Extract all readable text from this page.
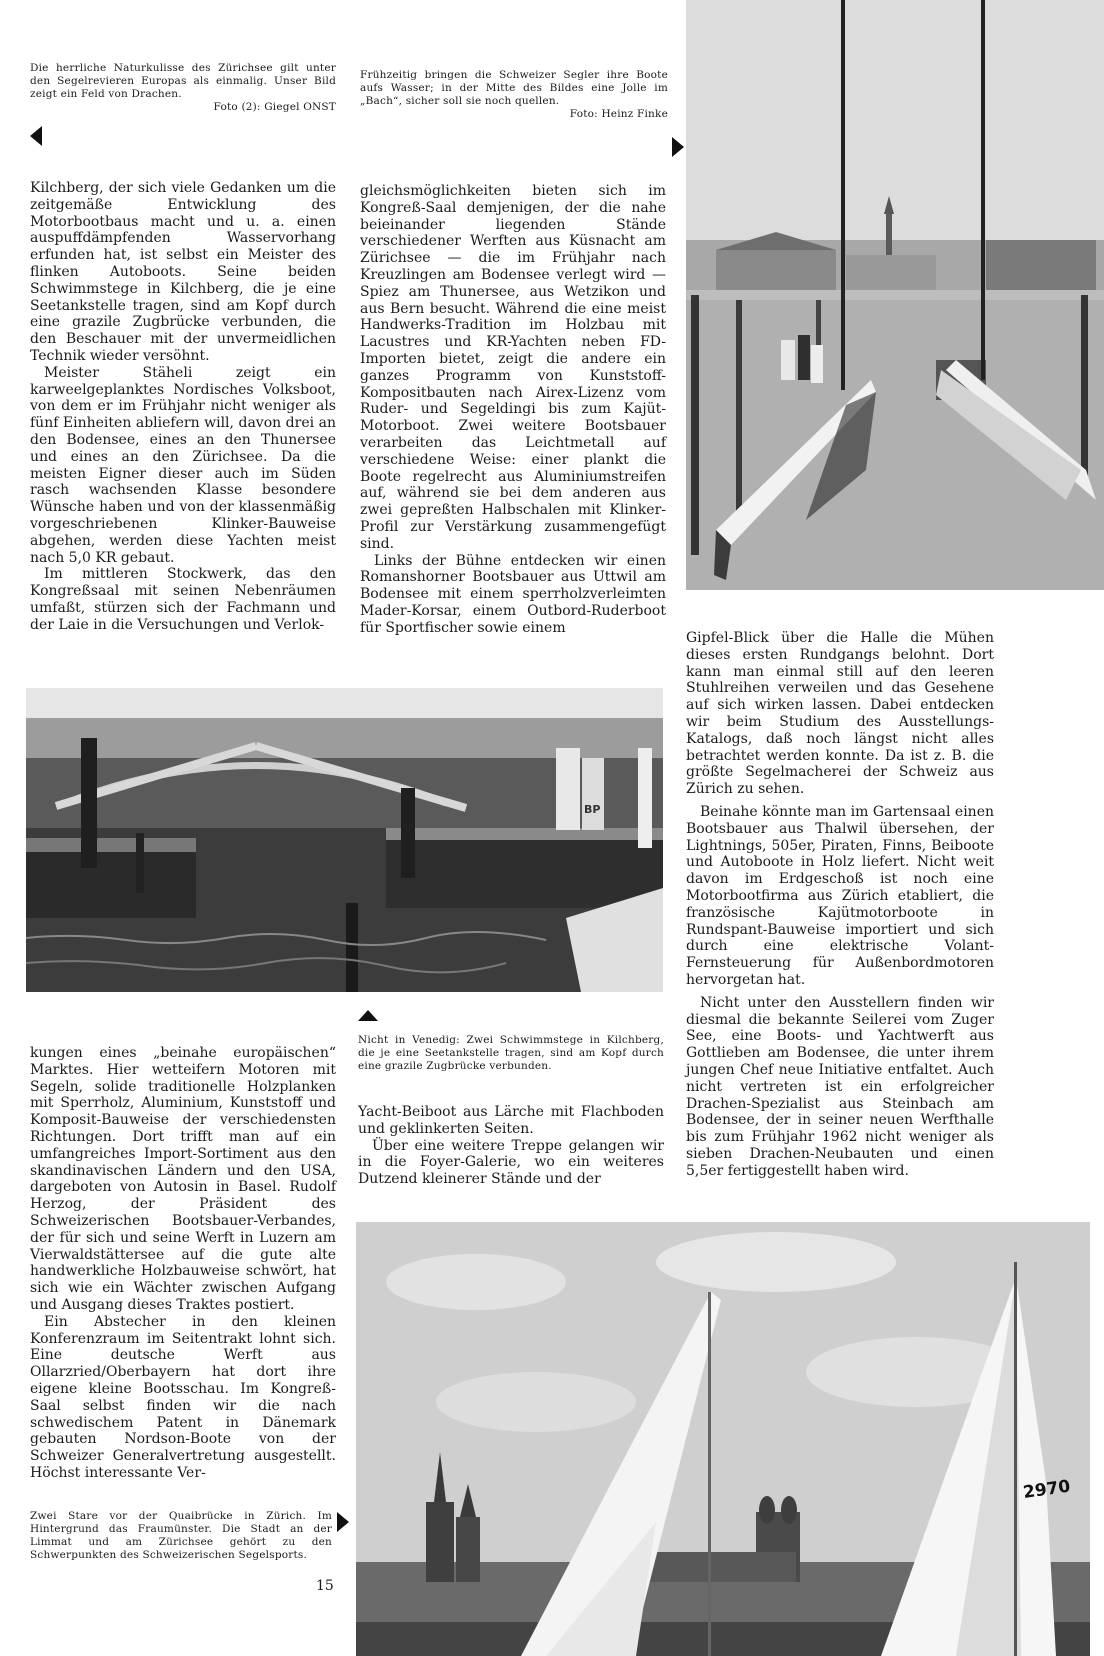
Die herrliche Naturkulisse des Zürichsee gilt unter den Segelrevieren Europas als einmalig. Unser Bild zeigt ein Feld von Drachen.
Foto (2): Giegel ONST
Frühzeitig bringen die Schweizer Segler ihre Boote aufs Wasser; in der Mitte des Bildes eine Jolle im „Bach“, sicher soll sie noch quellen.
Foto: Heinz Finke

Kilchberg, der sich viele Gedanken um die zeitgemäße Entwicklung des Motorbootbaus macht und u. a. einen auspuffdämpfenden Wasservorhang erfunden hat, ist selbst ein Meister des flinken Autoboots. Seine beiden Schwimmstege in Kilchberg, die je eine Seetankstelle tragen, sind am Kopf durch eine grazile Zugbrücke verbunden, die den Beschauer mit der unvermeidlichen Technik wieder versöhnt.

Meister Stäheli zeigt ein karweelgeplanktes Nordisches Volksboot, von dem er im Frühjahr nicht weniger als fünf Einheiten abliefern will, davon drei an den Bodensee, eines an den Thunersee und eines an den Zürichsee. Da die meisten Eigner dieser auch im Süden rasch wachsenden Klasse besondere Wünsche haben und von der klassenmäßig vorgeschriebenen Klinker-Bauweise abgehen, werden diese Yachten meist nach 5,0 KR gebaut.

Im mittleren Stockwerk, das den Kongreßsaal mit seinen Nebenräumen umfaßt, stürzen sich der Fachmann und der Laie in die Versuchungen und Verlok-

gleichsmöglichkeiten bieten sich im Kongreß-Saal demjenigen, der die nahe beieinander liegenden Stände verschiedener Werften aus Küsnacht am Zürichsee — die im Frühjahr nach Kreuzlingen am Bodensee verlegt wird — Spiez am Thunersee, aus Wetzikon und aus Bern besucht. Während die eine meist Handwerks-Tradition im Holzbau mit Lacustres und KR-Yachten neben FD-Importen bietet, zeigt die andere ein ganzes Programm von Kunststoff-Kompositbauten nach Airex-Lizenz vom Ruder- und Segeldingi bis zum Kajüt-Motorboot. Zwei weitere Bootsbauer verarbeiten das Leichtmetall auf verschiedene Weise: einer plankt die Boote regelrecht aus Aluminiumstreifen auf, während sie bei dem anderen aus zwei gepreßten Halbschalen mit Klinker-Profil zur Verstärkung zusammengefügt sind.

Links der Bühne entdecken wir einen Romanshorner Bootsbauer aus Uttwil am Bodensee mit einem sperrholzverleimten Mader-Korsar, einem Outbord-Ruderboot für Sportfischer sowie einem

Gipfel-Blick über die Halle die Mühen dieses ersten Rundgangs belohnt. Dort kann man einmal still auf den leeren Stuhlreihen verweilen und das Gesehene auf sich wirken lassen. Dabei entdecken wir beim Studium des Ausstellungs-Katalogs, daß noch längst nicht alles betrachtet werden konnte. Da ist z. B. die größte Segelmacherei der Schweiz aus Zürich zu sehen.

Beinahe könnte man im Gartensaal einen Bootsbauer aus Thalwil übersehen, der Lightnings, 505er, Piraten, Finns, Beiboote und Autoboote in Holz liefert. Nicht weit davon im Erdgeschoß ist noch eine Motorbootfirma aus Zürich etabliert, die französische Kajütmotorboote in Rundspant-Bauweise importiert und sich durch eine elektrische Volant-Fernsteuerung für Außenbordmotoren hervorgetan hat.

Nicht unter den Ausstellern finden wir diesmal die bekannte Seilerei vom Zuger See, eine Boots- und Yachtwerft aus Gottlieben am Bodensee, die unter ihrem jungen Chef neue Initiative entfaltet. Auch nicht vertreten ist ein erfolgreicher Drachen-Spezialist aus Steinbach am Bodensee, der in seiner neuen Werfthalle bis zum Frühjahr 1962 nicht weniger als sieben Drachen-Neubauten und einen 5,5er fertiggestellt haben wird.

BP
Nicht in Venedig: Zwei Schwimmstege in Kilchberg, die je eine Seetankstelle tragen, sind am Kopf durch eine grazile Zugbrücke verbunden.

kungen eines „beinahe europäischen“ Marktes. Hier wetteifern Motoren mit Segeln, solide traditionelle Holzplanken mit Sperrholz, Aluminium, Kunststoff und Komposit-Bauweise der verschiedensten Richtungen. Dort trifft man auf ein umfangreiches Import-Sortiment aus den skandinavischen Ländern und den USA, dargeboten von Autosin in Basel. Rudolf Herzog, der Präsident des Schweizerischen Bootsbauer-Verbandes, der für sich und seine Werft in Luzern am Vierwaldstättersee auf die gute alte handwerkliche Holzbauweise schwört, hat sich wie ein Wächter zwischen Aufgang und Ausgang dieses Traktes postiert.

Ein Abstecher in den kleinen Konferenzraum im Seitentrakt lohnt sich. Eine deutsche Werft aus Ollarzried/Oberbayern hat dort ihre eigene kleine Bootsschau. Im Kongreß-Saal selbst finden wir die nach schwedischem Patent in Dänemark gebauten Nordson-Boote von der Schweizer Generalvertretung ausgestellt. Höchst interessante Ver-

Yacht-Beiboot aus Lärche mit Flachboden und geklinkerten Seiten.

Über eine weitere Treppe gelangen wir in die Foyer-Galerie, wo ein weiteres Dutzend kleinerer Stände und der

2970
Zwei Stare vor der Quaibrücke in Zürich. Im Hintergrund das Fraumünster. Die Stadt an der Limmat und am Zürichsee gehört zu den Schwerpunkten des Schweizerischen Segelsports.
15
